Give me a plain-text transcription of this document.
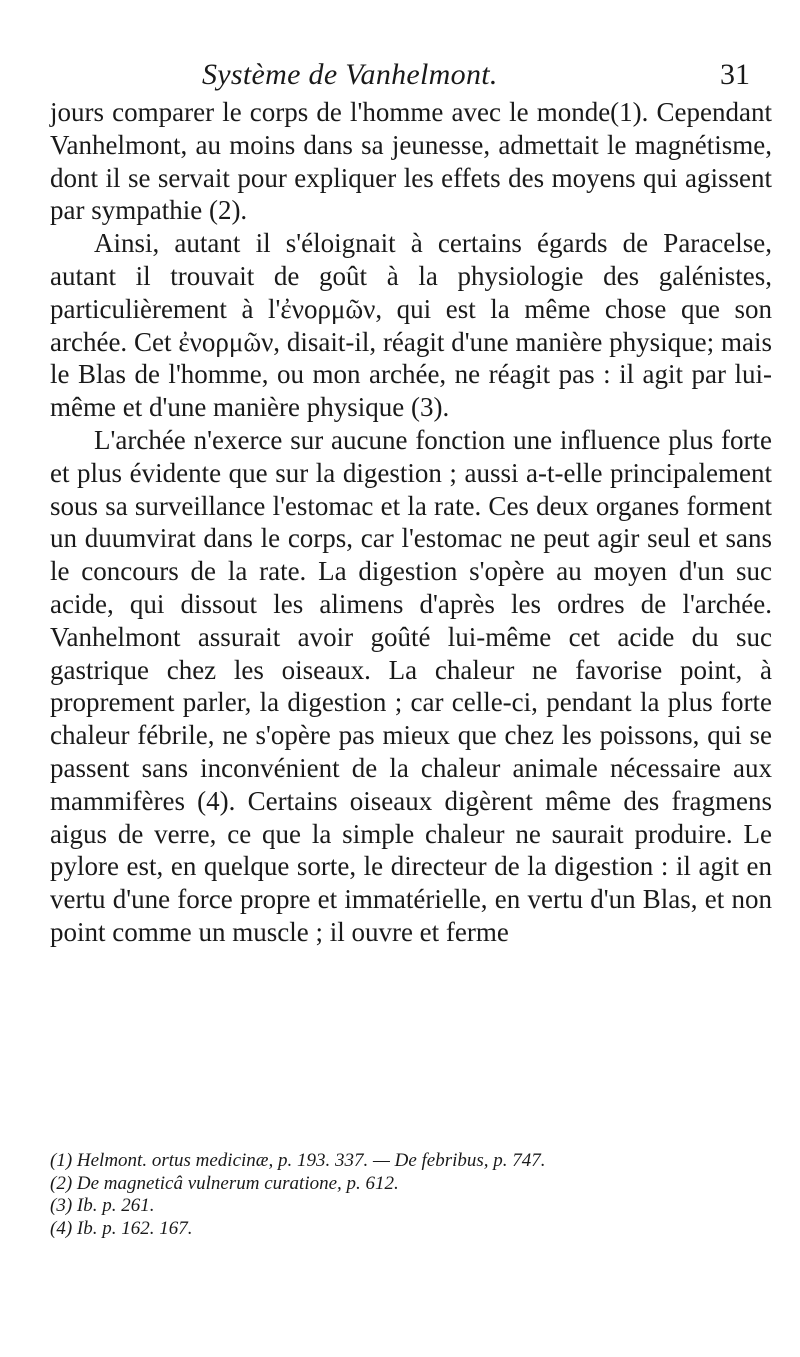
Système de Vanhelmont.	31

jours comparer le corps de l'homme avec le monde(1). Cependant Vanhelmont, au moins dans sa jeunesse, admettait le magnétisme, dont il se servait pour expliquer les effets des moyens qui agissent par sympathie (2).

Ainsi, autant il s'éloignait à certains égards de Paracelse, autant il trouvait de goût à la physiologie des galénistes, particulièrement à l'ἐνορμῶν, qui est la même chose que son archée. Cet ἐνορμῶν, disait-il, réagit d'une manière physique; mais le Blas de l'homme, ou mon archée, ne réagit pas : il agit par lui-même et d'une manière physique (3).

L'archée n'exerce sur aucune fonction une influence plus forte et plus évidente que sur la digestion ; aussi a-t-elle principalement sous sa surveillance l'estomac et la rate. Ces deux organes forment un duumvirat dans le corps, car l'estomac ne peut agir seul et sans le concours de la rate. La digestion s'opère au moyen d'un suc acide, qui dissout les alimens d'après les ordres de l'archée. Vanhelmont assurait avoir goûté lui-même cet acide du suc gastrique chez les oiseaux. La chaleur ne favorise point, à proprement parler, la digestion ; car celle-ci, pendant la plus forte chaleur fébrile, ne s'opère pas mieux que chez les poissons, qui se passent sans inconvénient de la chaleur animale nécessaire aux mammifères (4). Certains oiseaux digèrent même des fragmens aigus de verre, ce que la simple chaleur ne saurait produire. Le pylore est, en quelque sorte, le directeur de la digestion : il agit en vertu d'une force propre et immatérielle, en vertu d'un Blas, et non point comme un muscle ; il ouvre et ferme

(1) Helmont. ortus medicinæ, p. 193. 337. — De febribus, p. 747.

(2) De magneticâ vulnerum curatione, p. 612.

(3) Ib. p. 261.

(4) Ib. p. 162. 167.
